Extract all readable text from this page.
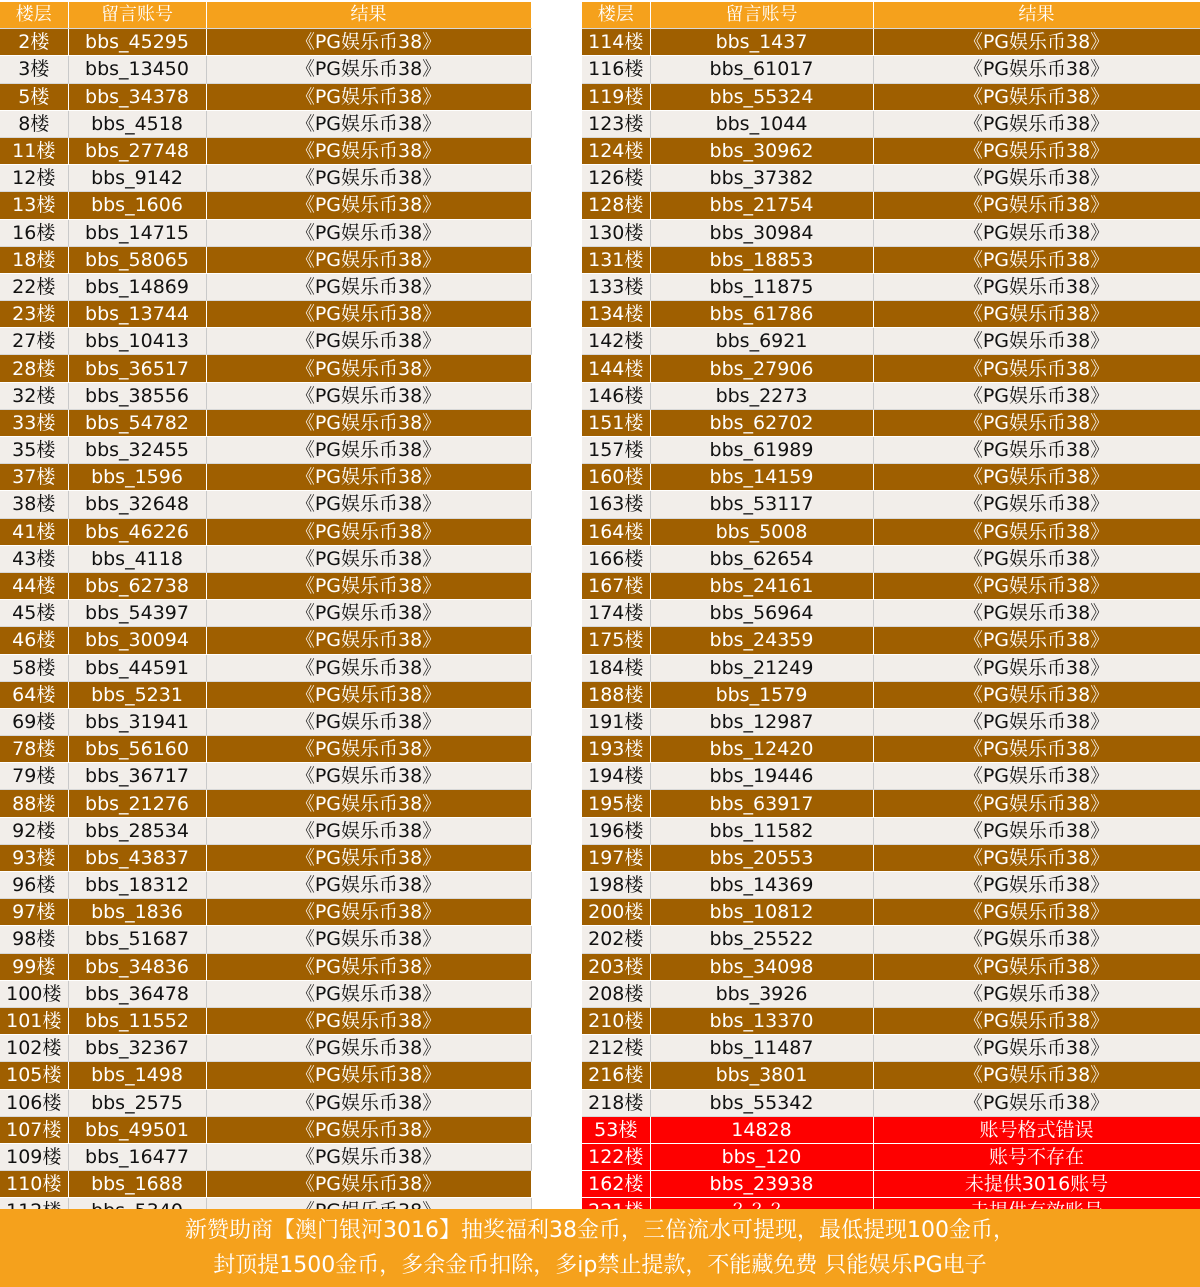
楼层	留言账号	结果
2楼	bbs_45295	《PG娱乐币38》
3楼	bbs_13450	《PG娱乐币38》
5楼	bbs_34378	《PG娱乐币38》
8楼	bbs_4518	《PG娱乐币38》
11楼	bbs_27748	《PG娱乐币38》
12楼	bbs_9142	《PG娱乐币38》
13楼	bbs_1606	《PG娱乐币38》
16楼	bbs_14715	《PG娱乐币38》
18楼	bbs_58065	《PG娱乐币38》
22楼	bbs_14869	《PG娱乐币38》
23楼	bbs_13744	《PG娱乐币38》
27楼	bbs_10413	《PG娱乐币38》
28楼	bbs_36517	《PG娱乐币38》
32楼	bbs_38556	《PG娱乐币38》
33楼	bbs_54782	《PG娱乐币38》
35楼	bbs_32455	《PG娱乐币38》
37楼	bbs_1596	《PG娱乐币38》
38楼	bbs_32648	《PG娱乐币38》
41楼	bbs_46226	《PG娱乐币38》
43楼	bbs_4118	《PG娱乐币38》
44楼	bbs_62738	《PG娱乐币38》
45楼	bbs_54397	《PG娱乐币38》
46楼	bbs_30094	《PG娱乐币38》
58楼	bbs_44591	《PG娱乐币38》
64楼	bbs_5231	《PG娱乐币38》
69楼	bbs_31941	《PG娱乐币38》
78楼	bbs_56160	《PG娱乐币38》
79楼	bbs_36717	《PG娱乐币38》
88楼	bbs_21276	《PG娱乐币38》
92楼	bbs_28534	《PG娱乐币38》
93楼	bbs_43837	《PG娱乐币38》
96楼	bbs_18312	《PG娱乐币38》
97楼	bbs_1836	《PG娱乐币38》
98楼	bbs_51687	《PG娱乐币38》
99楼	bbs_34836	《PG娱乐币38》
100楼	bbs_36478	《PG娱乐币38》
101楼	bbs_11552	《PG娱乐币38》
102楼	bbs_32367	《PG娱乐币38》
105楼	bbs_1498	《PG娱乐币38》
106楼	bbs_2575	《PG娱乐币38》
107楼	bbs_49501	《PG娱乐币38》
109楼	bbs_16477	《PG娱乐币38》
110楼	bbs_1688	《PG娱乐币38》

楼层	留言账号	结果
114楼	bbs_1437	《PG娱乐币38》
116楼	bbs_61017	《PG娱乐币38》
119楼	bbs_55324	《PG娱乐币38》
123楼	bbs_1044	《PG娱乐币38》
124楼	bbs_30962	《PG娱乐币38》
126楼	bbs_37382	《PG娱乐币38》
128楼	bbs_21754	《PG娱乐币38》
130楼	bbs_30984	《PG娱乐币38》
131楼	bbs_18853	《PG娱乐币38》
133楼	bbs_11875	《PG娱乐币38》
134楼	bbs_61786	《PG娱乐币38》
142楼	bbs_6921	《PG娱乐币38》
144楼	bbs_27906	《PG娱乐币38》
146楼	bbs_2273	《PG娱乐币38》
151楼	bbs_62702	《PG娱乐币38》
157楼	bbs_61989	《PG娱乐币38》
160楼	bbs_14159	《PG娱乐币38》
163楼	bbs_53117	《PG娱乐币38》
164楼	bbs_5008	《PG娱乐币38》
166楼	bbs_62654	《PG娱乐币38》
167楼	bbs_24161	《PG娱乐币38》
174楼	bbs_56964	《PG娱乐币38》
175楼	bbs_24359	《PG娱乐币38》
184楼	bbs_21249	《PG娱乐币38》
188楼	bbs_1579	《PG娱乐币38》
191楼	bbs_12987	《PG娱乐币38》
193楼	bbs_12420	《PG娱乐币38》
194楼	bbs_19446	《PG娱乐币38》
195楼	bbs_63917	《PG娱乐币38》
196楼	bbs_11582	《PG娱乐币38》
197楼	bbs_20553	《PG娱乐币38》
198楼	bbs_14369	《PG娱乐币38》
200楼	bbs_10812	《PG娱乐币38》
202楼	bbs_25522	《PG娱乐币38》
203楼	bbs_34098	《PG娱乐币38》
208楼	bbs_3926	《PG娱乐币38》
210楼	bbs_13370	《PG娱乐币38》
212楼	bbs_11487	《PG娱乐币38》
216楼	bbs_3801	《PG娱乐币38》
218楼	bbs_55342	《PG娱乐币38》
53楼	14828	账号格式错误
122楼	bbs_120	账号不存在
162楼	bbs_23938	未提供3016账号

新赞助商【澳门银河3016】抽奖福利38金币，三倍流水可提现，最低提现100金币，
封顶提1500金币，多余金币扣除，多ip禁止提款，不能藏免费 只能娱乐PG电子
